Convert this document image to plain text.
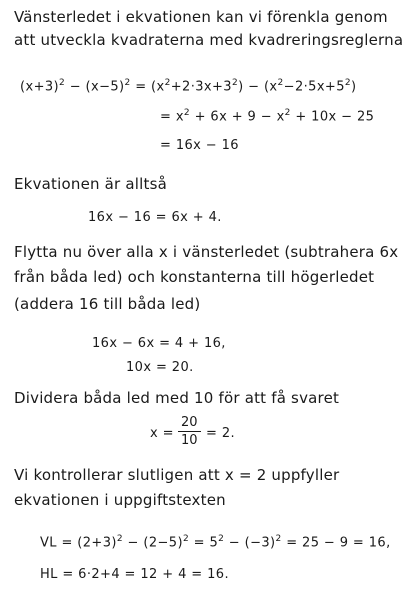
Vänsterledet i ekvationen kan vi förenkla genom
att utveckla kvadraterna med kvadreringsreglerna
$(x+3)^2 - (x-5)^2 = (x^2+2\cdot 3x+3^2) - (x^2-2\cdot 5x+5^2)$
= $x^2 + 6x + 9 - x^2 + 10x - 25$
= 16x − 16
Ekvationen är alltså
16x − 16 = 6x + 4.
Flytta nu över alla x i vänsterledet (subtrahera 6x
från båda led) och konstanterna till högerledet
(addera 16 till båda led)
16x − 6x = 4 + 16,
10x = 20.
Dividera båda led med 10 för att få svaret
$x = \frac{20}{10} = 2$.
Vi kontrollerar slutligen att x = 2 uppfyller
ekvationen i uppgiftstexten
VL = $(2+3)^2 - (2-5)^2 = 5^2 - (-3)^2 = 25 - 9 = 16$,
HL = 6·2+4 = 12 + 4 = 16.
